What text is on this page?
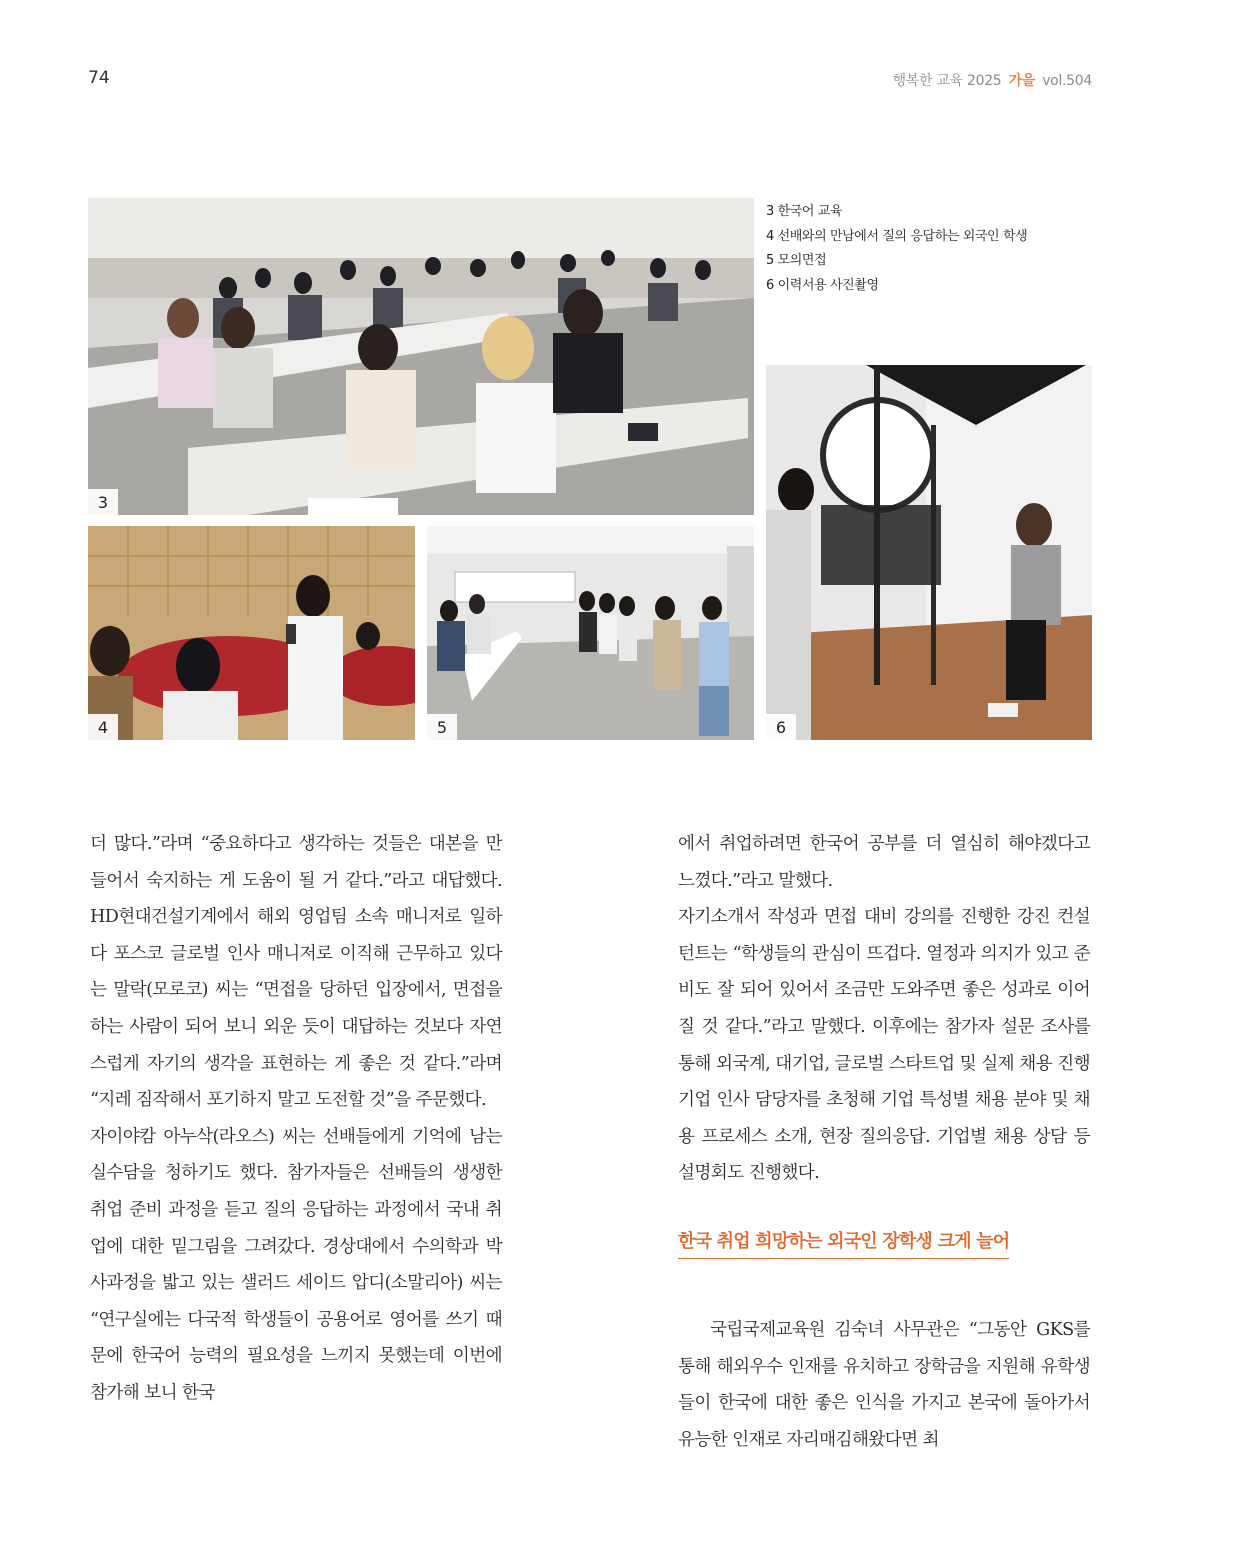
74	행복한 교육 2025 가을 vol.504
3
3 한국어 교육
4 선배와의 만남에서 질의 응답하는 외국인 학생
5 모의면접
6 이력서용 사진촬영
4	5	6

더 많다.”라며 “중요하다고 생각하는 것들은 대본을 만들어서 숙지하는 게 도움이 될 거 같다.”라고 대답했다. HD현대건설기계에서 해외 영업팀 소속 매니저로 일하다 포스코 글로벌 인사 매니저로 이직해 근무하고 있다는 말락(모로코) 씨는 “면접을 당하던 입장에서, 면접을 하는 사람이 되어 보니 외운 듯이 대답하는 것보다 자연스럽게 자기의 생각을 표현하는 게 좋은 것 같다.”라며 “지레 짐작해서 포기하지 말고 도전할 것”을 주문했다.

자이야캄 아누삭(라오스) 씨는 선배들에게 기억에 남는 실수담을 청하기도 했다. 참가자들은 선배들의 생생한 취업 준비 과정을 듣고 질의 응답하는 과정에서 국내 취업에 대한 밑그림을 그려갔다. 경상대에서 수의학과 박사과정을 밟고 있는 샐러드 세이드 압디(소말리아) 씨는 “연구실에는 다국적 학생들이 공용어로 영어를 쓰기 때문에 한국어 능력의 필요성을 느끼지 못했는데 이번에 참가해 보니 한국

에서 취업하려면 한국어 공부를 더 열심히 해야겠다고 느꼈다.”라고 말했다.

자기소개서 작성과 면접 대비 강의를 진행한 강진 컨설턴트는 “학생들의 관심이 뜨겁다. 열정과 의지가 있고 준비도 잘 되어 있어서 조금만 도와주면 좋은 성과로 이어질 것 같다.”라고 말했다. 이후에는 참가자 설문 조사를 통해 외국계, 대기업, 글로벌 스타트업 및 실제 채용 진행 기업 인사 담당자를 초청해 기업 특성별 채용 분야 및 채용 프로세스 소개, 현장 질의응답. 기업별 채용 상담 등 설명회도 진행했다.

한국 취업 희망하는 외국인 장학생 크게 늘어

국립국제교육원 김숙녀 사무관은 “그동안 GKS를 통해 해외우수 인재를 유치하고 장학금을 지원해 유학생들이 한국에 대한 좋은 인식을 가지고 본국에 돌아가서 유능한 인재로 자리매김해왔다면 최
